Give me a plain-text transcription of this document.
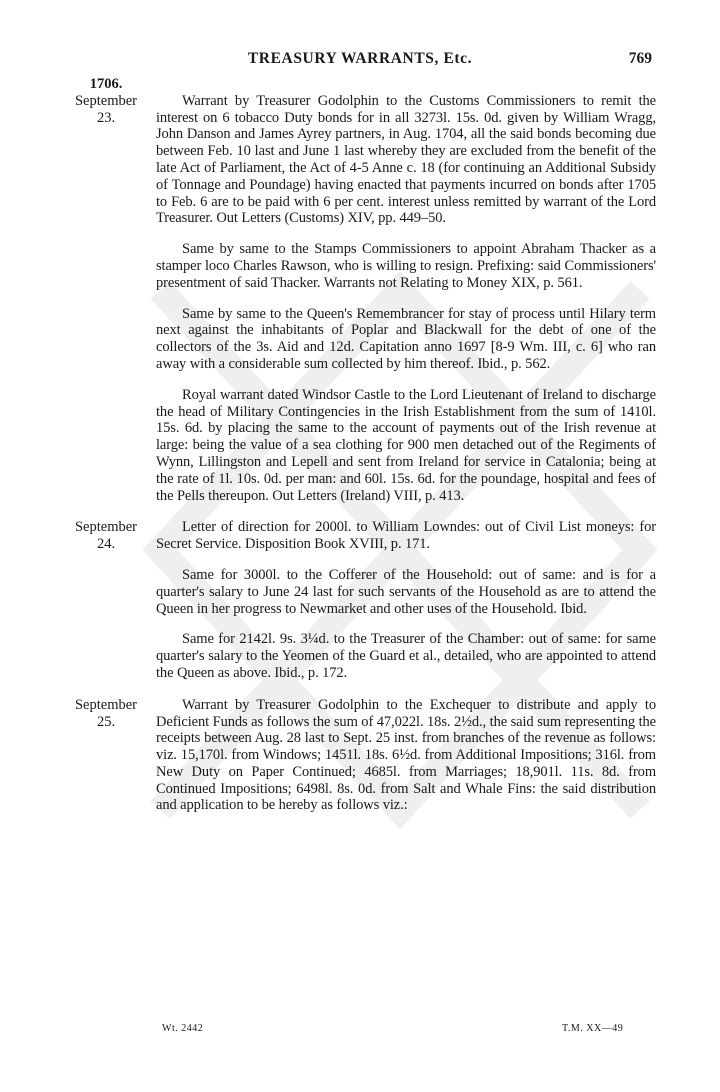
TREASURY WARRANTS, Etc.	769
1706.
September
23.

Warrant by Treasurer Godolphin to the Customs Commissioners to remit the interest on 6 tobacco Duty bonds for in all 3273l. 15s. 0d. given by William Wragg, John Danson and James Ayrey partners, in Aug. 1704, all the said bonds becoming due between Feb. 10 last and June 1 last whereby they are excluded from the benefit of the late Act of Parliament, the Act of 4-5 Anne c. 18 (for continuing an Additional Subsidy of Tonnage and Poundage) having enacted that payments incurred on bonds after 1705 to Feb. 6 are to be paid with 6 per cent. interest unless remitted by warrant of the Lord Treasurer. Out Letters (Customs) XIV, pp. 449–50.

Same by same to the Stamps Commissioners to appoint Abraham Thacker as a stamper loco Charles Rawson, who is willing to resign. Prefixing: said Commissioners' presentment of said Thacker. Warrants not Relating to Money XIX, p. 561.

Same by same to the Queen's Remembrancer for stay of process until Hilary term next against the inhabitants of Poplar and Blackwall for the debt of one of the collectors of the 3s. Aid and 12d. Capitation anno 1697 [8-9 Wm. III, c. 6] who ran away with a considerable sum collected by him thereof. Ibid., p. 562.

Royal warrant dated Windsor Castle to the Lord Lieutenant of Ireland to discharge the head of Military Contingencies in the Irish Establishment from the sum of 1410l. 15s. 6d. by placing the same to the account of payments out of the Irish revenue at large: being the value of a sea clothing for 900 men detached out of the Regiments of Wynn, Lillingston and Lepell and sent from Ireland for service in Catalonia; being at the rate of 1l. 10s. 0d. per man: and 60l. 15s. 6d. for the poundage, hospital and fees of the Pells thereupon. Out Letters (Ireland) VIII, p. 413.

September
24.

Letter of direction for 2000l. to William Lowndes: out of Civil List moneys: for Secret Service. Disposition Book XVIII, p. 171.

Same for 3000l. to the Cofferer of the Household: out of same: and is for a quarter's salary to June 24 last for such servants of the Household as are to attend the Queen in her progress to Newmarket and other uses of the Household. Ibid.

Same for 2142l. 9s. 3¼d. to the Treasurer of the Chamber: out of same: for same quarter's salary to the Yeomen of the Guard et al., detailed, who are appointed to attend the Queen as above. Ibid., p. 172.

September
25.

Warrant by Treasurer Godolphin to the Exchequer to distribute and apply to Deficient Funds as follows the sum of 47,022l. 18s. 2½d., the said sum representing the receipts between Aug. 28 last to Sept. 25 inst. from branches of the revenue as follows: viz. 15,170l. from Windows; 1451l. 18s. 6½d. from Additional Impositions; 316l. from New Duty on Paper Continued; 4685l. from Marriages; 18,901l. 11s. 8d. from Continued Impositions; 6498l. 8s. 0d. from Salt and Whale Fins: the said distribution and application to be hereby as follows viz.:

Wt. 2442	T.M. XX—49
